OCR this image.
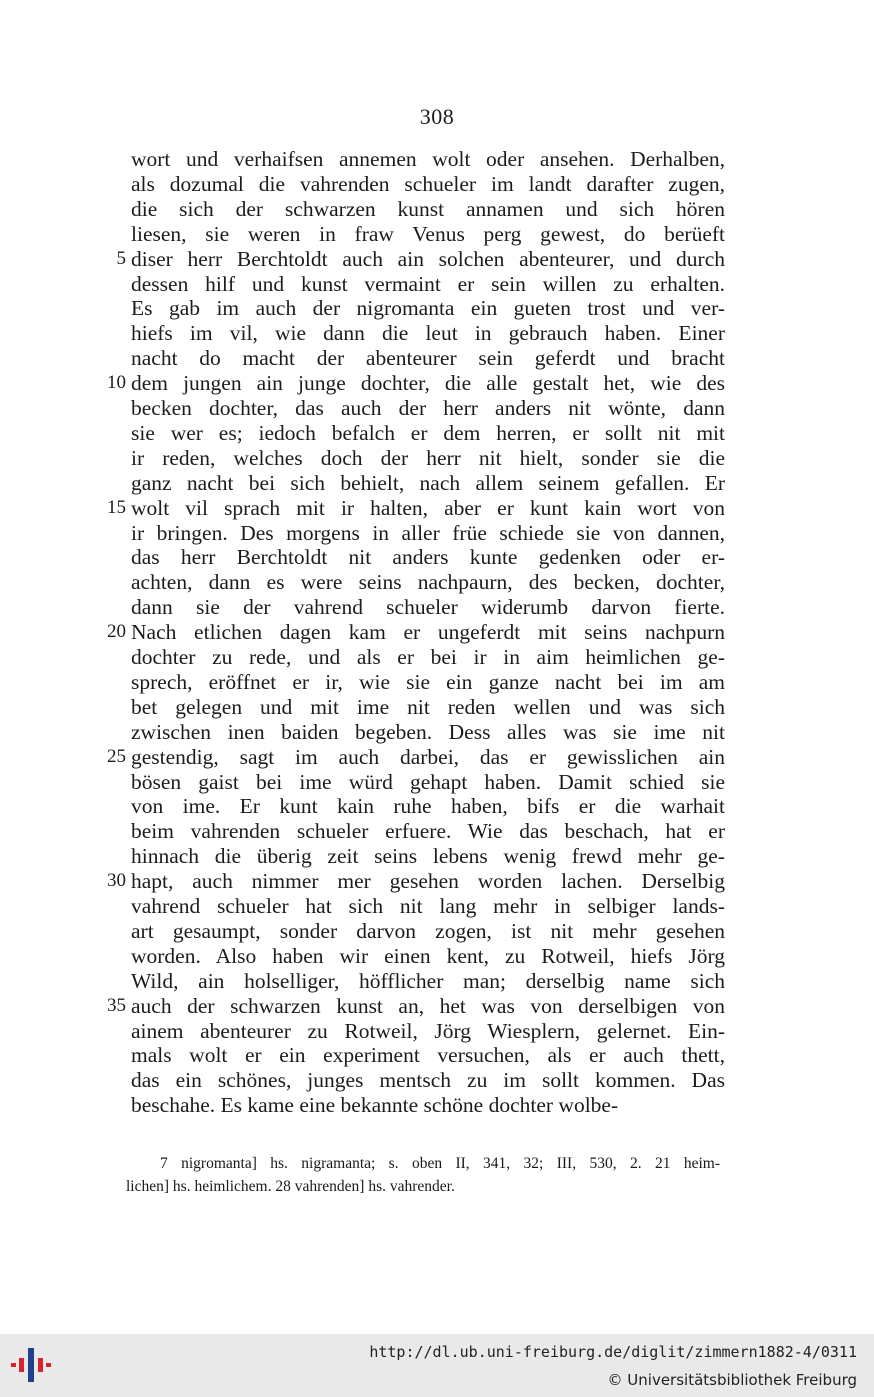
308
wort und verhaifsen annemen wolt oder ansehen. Derhalben,
als dozumal die vahrenden schueler im landt darafter zugen,
die sich der schwarzen kunst annamen und sich hören
liesen, sie weren in fraw Venus perg gewest, do berüeft
diser herr Berchtoldt auch ain solchen abenteurer, und durch
5
dessen hilf und kunst vermaint er sein willen zu erhalten.
Es gab im auch der nigromanta ein gueten trost und ver-
hiefs im vil, wie dann die leut in gebrauch haben. Einer
nacht do macht der abenteurer sein geferdt und bracht
dem jungen ain junge dochter, die alle gestalt het, wie des
10
becken dochter, das auch der herr anders nit wönte, dann
sie wer es; iedoch befalch er dem herren, er sollt nit mit
ir reden, welches doch der herr nit hielt, sonder sie die
ganz nacht bei sich behielt, nach allem seinem gefallen. Er
wolt vil sprach mit ir halten, aber er kunt kain wort von
15
ir bringen. Des morgens in aller früe schiede sie von dannen,
das herr Berchtoldt nit anders kunte gedenken oder er-
achten, dann es were seins nachpaurn, des becken, dochter,
dann sie der vahrend schueler widerumb darvon fierte.
Nach etlichen dagen kam er ungeferdt mit seins nachpurn
20
dochter zu rede, und als er bei ir in aim heimlichen ge-
sprech, eröffnet er ir, wie sie ein ganze nacht bei im am
bet gelegen und mit ime nit reden wellen und was sich
zwischen inen baiden begeben. Dess alles was sie ime nit
gestendig, sagt im auch darbei, das er gewisslichen ain
25
bösen gaist bei ime würd gehapt haben. Damit schied sie
von ime. Er kunt kain ruhe haben, bifs er die warhait
beim vahrenden schueler erfuere. Wie das beschach, hat er
hinnach die überig zeit seins lebens wenig frewd mehr ge-
hapt, auch nimmer mer gesehen worden lachen. Derselbig
30
vahrend schueler hat sich nit lang mehr in selbiger lands-
art gesaumpt, sonder darvon zogen, ist nit mehr gesehen
worden. Also haben wir einen kent, zu Rotweil, hiefs Jörg
Wild, ain holselliger, höfflicher man; derselbig name sich
auch der schwarzen kunst an, het was von derselbigen von
35
ainem abenteurer zu Rotweil, Jörg Wiesplern, gelernet. Ein-
mals wolt er ein experiment versuchen, als er auch thett,
das ein schönes, junges mentsch zu im sollt kommen. Das
beschahe. Es kame eine bekannte schöne dochter wolbe-
7 nigromanta] hs. nigramanta; s. oben II, 341, 32; III, 530, 2. 21 heim-
lichen] hs. heimlichem. 28 vahrenden] hs. vahrender.
http://dl.ub.uni-freiburg.de/diglit/zimmern1882-4/0311
© Universitätsbibliothek Freiburg
